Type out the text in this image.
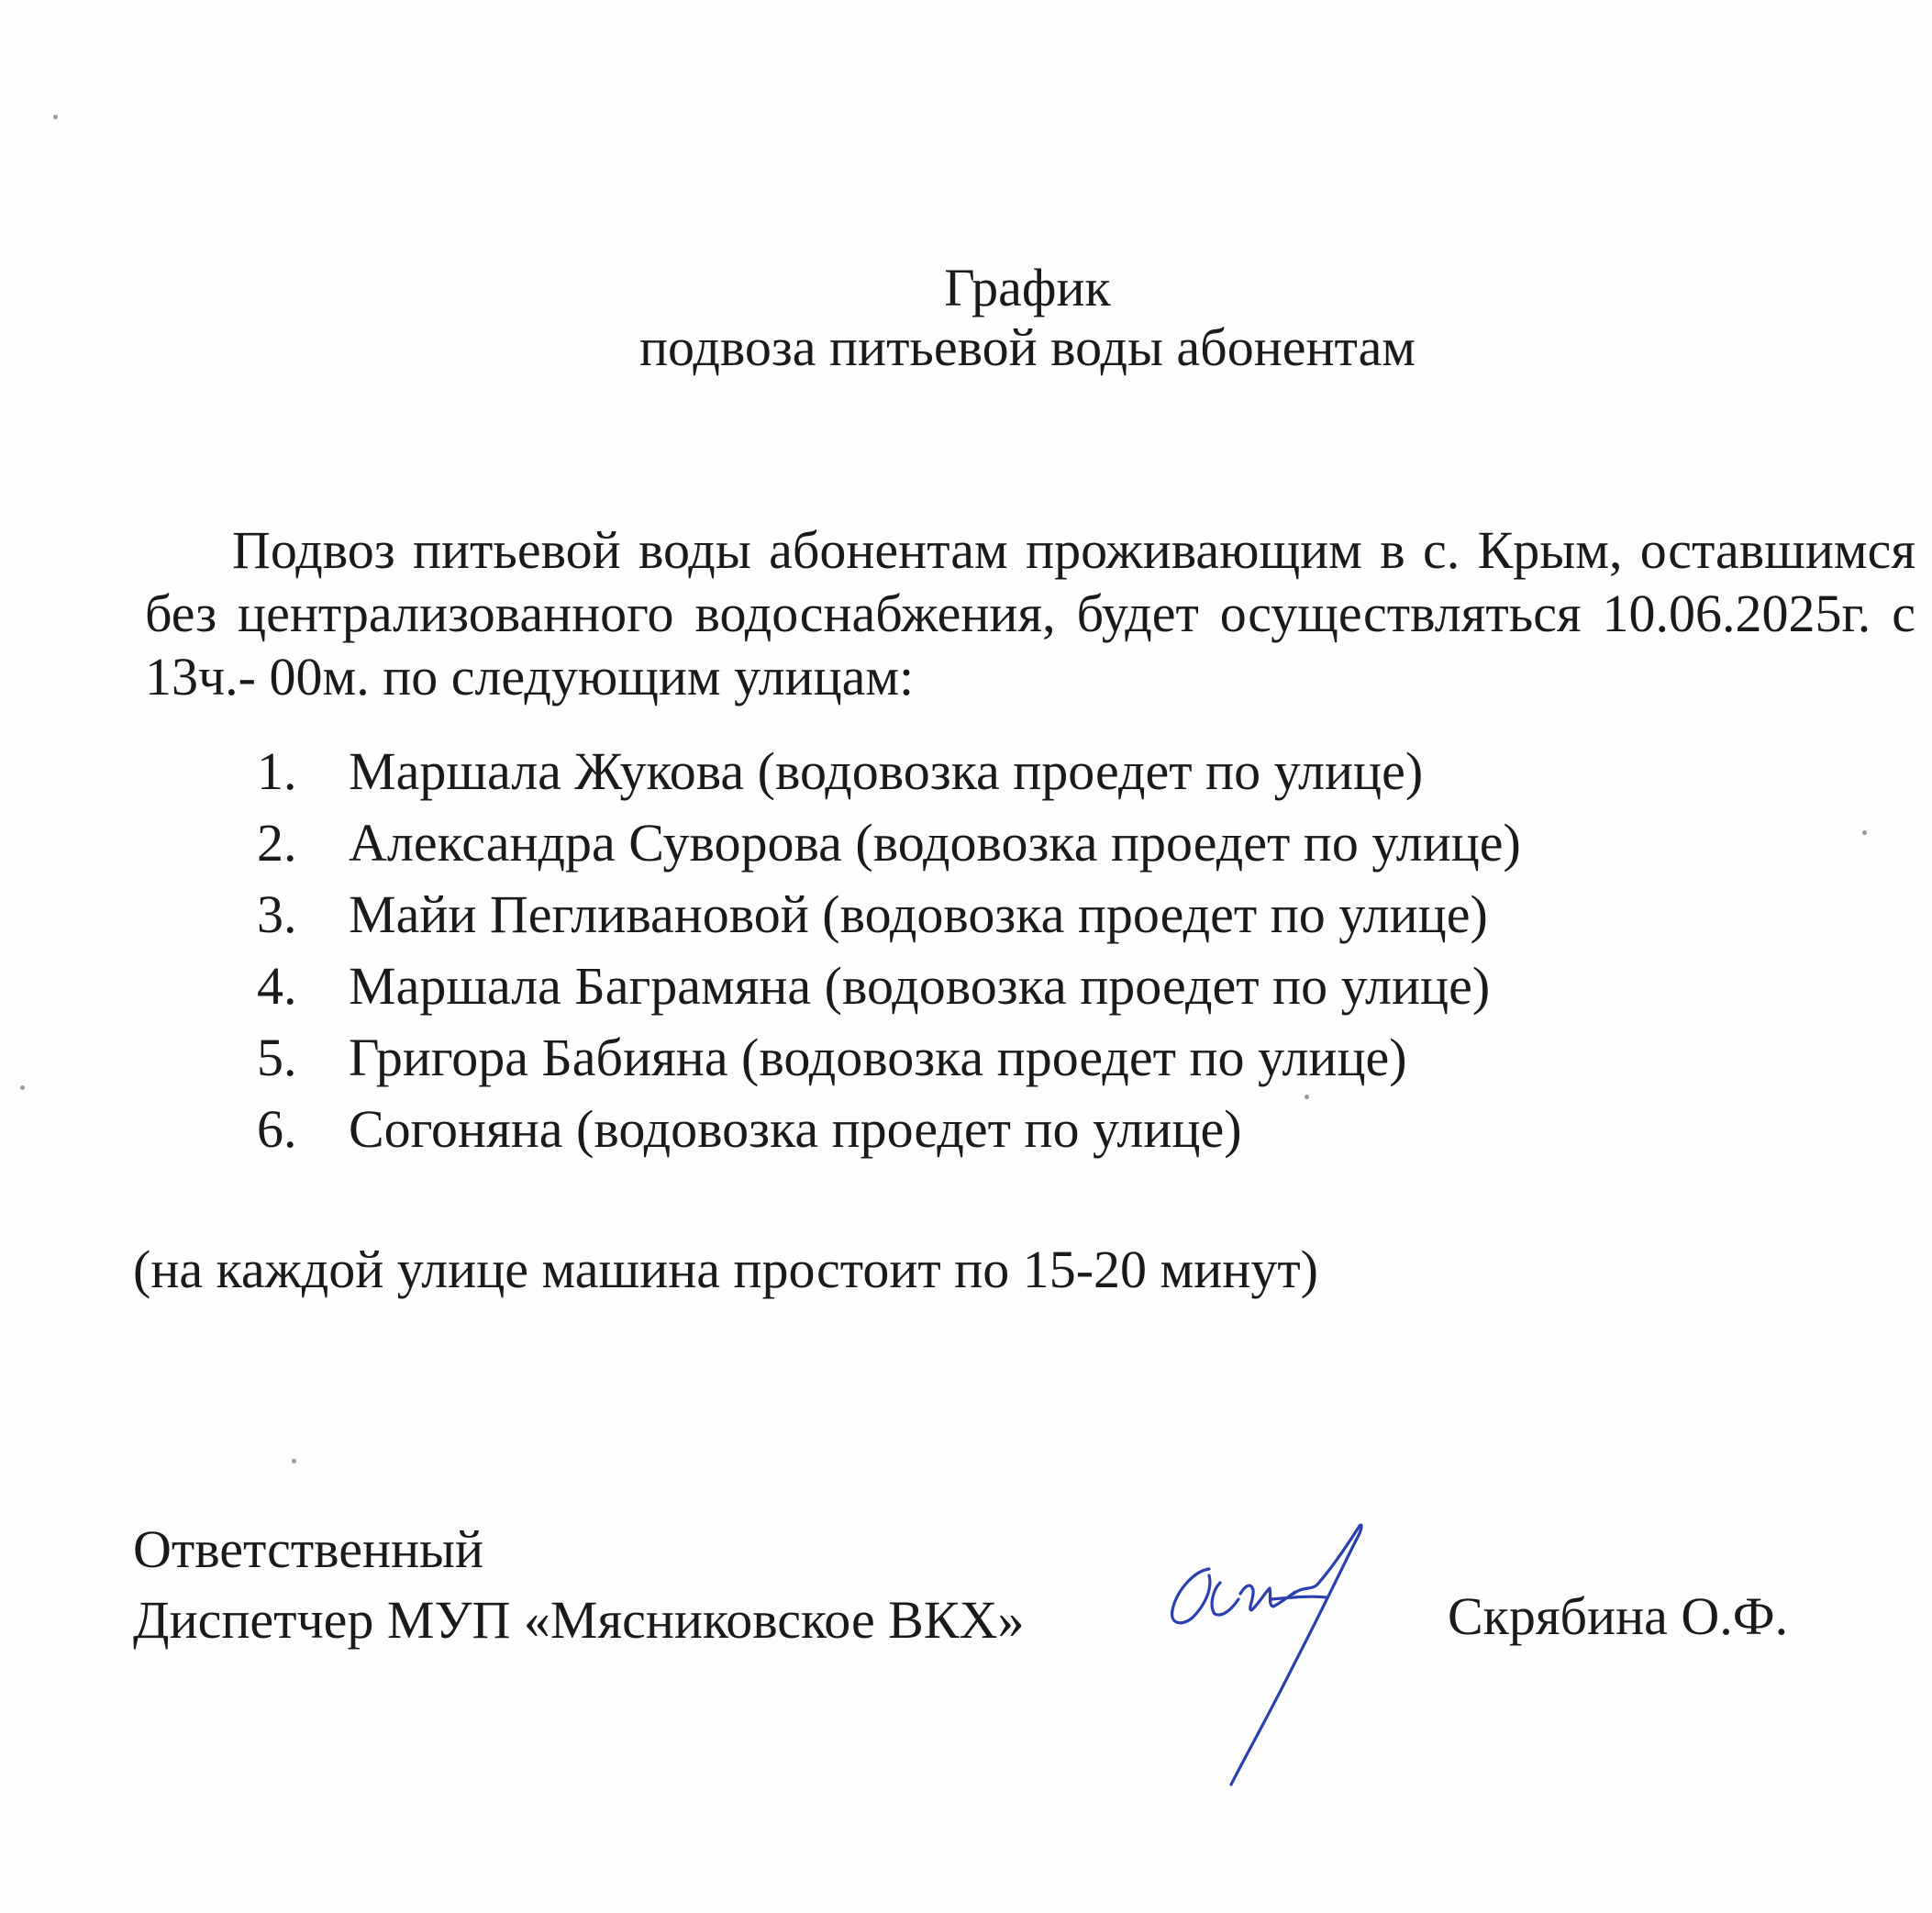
График
подвоза питьевой воды абонентам
Подвоз питьевой воды абонентам проживающим в с. Крым, оставшимся без централизованного водоснабжения, будет осуществляться 10.06.2025г. с 13ч.- 00м. по следующим улицам:
1. Маршала Жукова (водовозка проедет по улице)
2. Александра Суворова (водовозка проедет по улице)
3. Майи Пегливановой (водовозка проедет по улице)
4. Маршала Баграмяна (водовозка проедет по улице)
5. Григора Бабияна (водовозка проедет по улице)
6. Согоняна (водовозка проедет по улице)
(на каждой улице машина простоит по 15-20 минут)
Ответственный
Диспетчер МУП «Мясниковское ВКХ»	Скрябина О.Ф.
